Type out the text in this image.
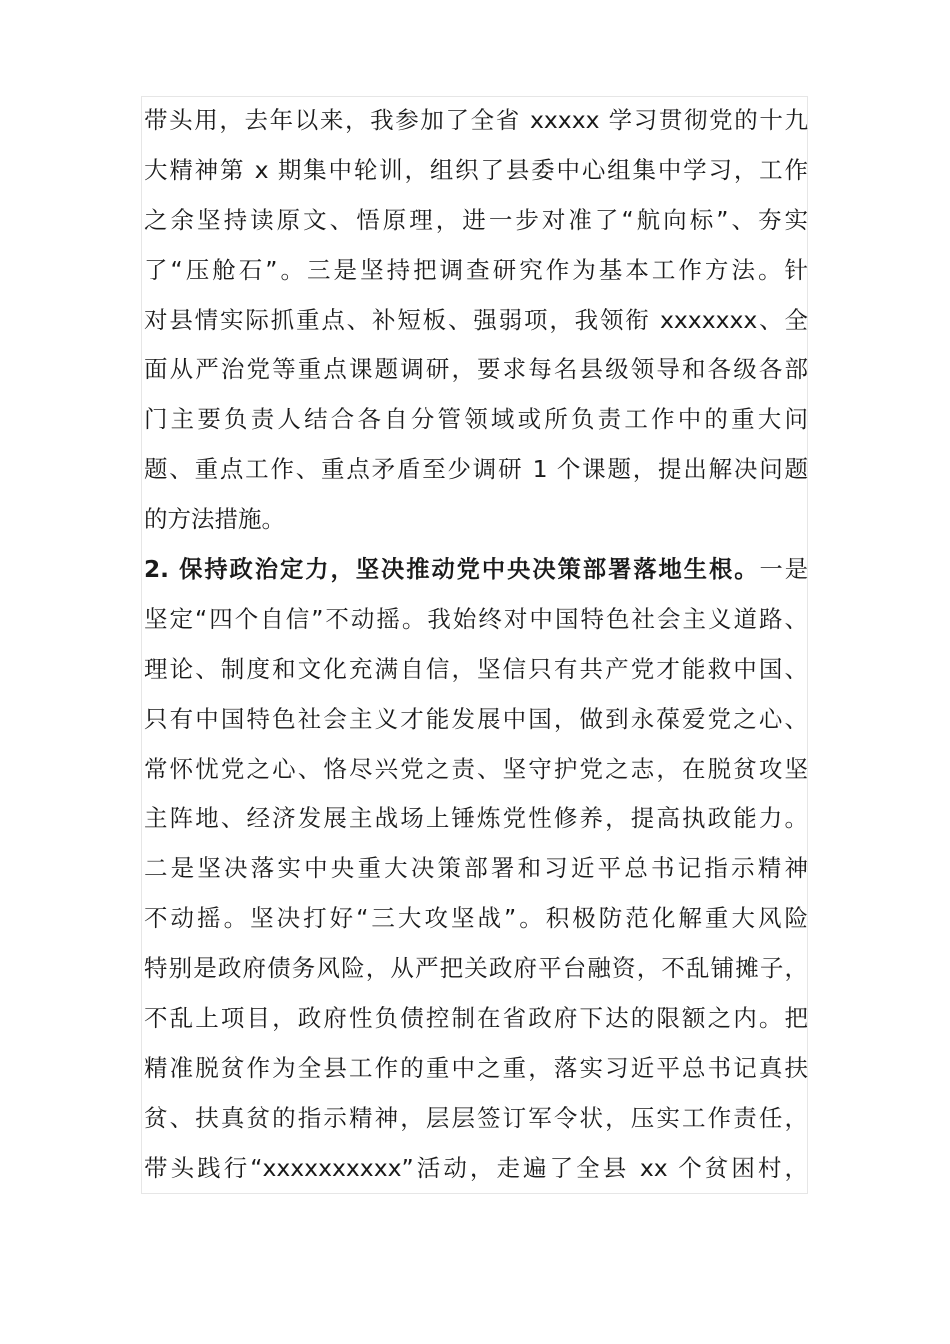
带头用，去年以来，我参加了全省 xxxxx 学习贯彻党的十九
大精神第 x 期集中轮训，组织了县委中心组集中学习，工作
之余坚持读原文、悟原理，进一步对准了“航向标”、夯实
了“压舱石”。三是坚持把调查研究作为基本工作方法。针
对县情实际抓重点、补短板、强弱项，我领衔 xxxxxxx、全
面从严治党等重点课题调研，要求每名县级领导和各级各部
门主要负责人结合各自分管领域或所负责工作中的重大问
题、重点工作、重点矛盾至少调研 1 个课题，提出解决问题
的方法措施。
2. 保持政治定力，坚决推动党中央决策部署落地生根。一是
坚定“四个自信”不动摇。我始终对中国特色社会主义道路、
理论、制度和文化充满自信，坚信只有共产党才能救中国、
只有中国特色社会主义才能发展中国，做到永葆爱党之心、
常怀忧党之心、恪尽兴党之责、坚守护党之志，在脱贫攻坚
主阵地、经济发展主战场上锤炼党性修养，提高执政能力。
二是坚决落实中央重大决策部署和习近平总书记指示精神
不动摇。坚决打好“三大攻坚战”。积极防范化解重大风险
特别是政府债务风险，从严把关政府平台融资，不乱铺摊子，
不乱上项目，政府性负债控制在省政府下达的限额之内。把
精准脱贫作为全县工作的重中之重，落实习近平总书记真扶
贫、扶真贫的指示精神，层层签订军令状，压实工作责任，
带头践行“xxxxxxxxxx”活动，走遍了全县 xx 个贫困村，
